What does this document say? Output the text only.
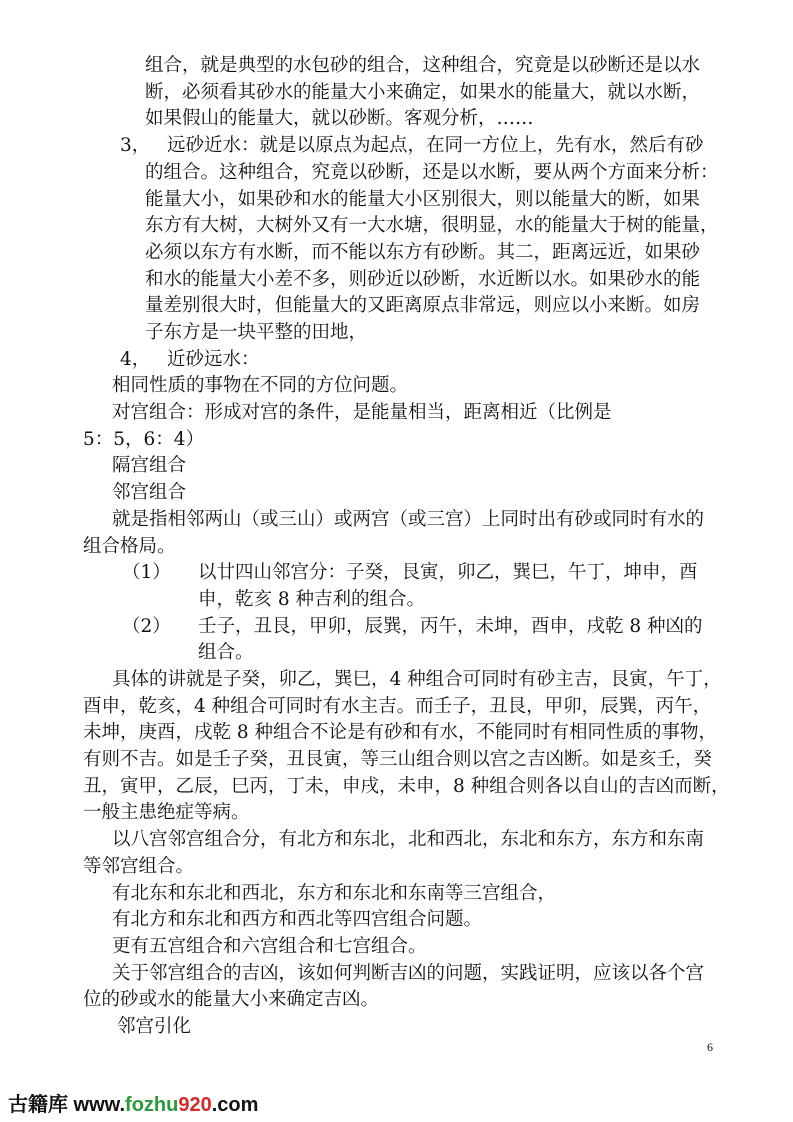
组合，就是典型的水包砂的组合，这种组合，究竟是以砂断还是以水
断，必须看其砂水的能量大小来确定，如果水的能量大，就以水断，
如果假山的能量大，就以砂断。客观分析，……
3， 远砂近水：就是以原点为起点，在同一方位上，先有水，然后有砂
的组合。这种组合，究竟以砂断，还是以水断，要从两个方面来分析：
能量大小，如果砂和水的能量大小区别很大，则以能量大的断，如果
东方有大树，大树外又有一大水塘，很明显，水的能量大于树的能量，
必须以东方有水断，而不能以东方有砂断。其二，距离远近，如果砂
和水的能量大小差不多，则砂近以砂断，水近断以水。如果砂水的能
量差别很大时，但能量大的又距离原点非常远，则应以小来断。如房
子东方是一块平整的田地，
4， 近砂远水：
相同性质的事物在不同的方位问题。
对宫组合：形成对宫的条件，是能量相当，距离相近（比例是
5：5，6：4）
隔宫组合
邻宫组合
就是指相邻两山（或三山）或两宫（或三宫）上同时出有砂或同时有水的
组合格局。
（1） 以廿四山邻宫分：子癸，艮寅，卯乙，巽巳，午丁，坤申，酉
申，乾亥 8 种吉利的组合。
（2） 壬子，丑艮，甲卯，辰巽，丙午，未坤，酉申，戌乾 8 种凶的
组合。
具体的讲就是子癸，卯乙，巽巳，4 种组合可同时有砂主吉，艮寅，午丁，
酉申，乾亥，4 种组合可同时有水主吉。而壬子，丑艮，甲卯，辰巽，丙午，
未坤，庚酉，戌乾 8 种组合不论是有砂和有水，不能同时有相同性质的事物，
有则不吉。如是壬子癸，丑艮寅，等三山组合则以宫之吉凶断。如是亥壬，癸
丑，寅甲，乙辰，巳丙，丁未，申戌，未申，8 种组合则各以自山的吉凶而断，
一般主患绝症等病。
以八宫邻宫组合分，有北方和东北，北和西北，东北和东方，东方和东南
等邻宫组合。
有北东和东北和西北，东方和东北和东南等三宫组合，
有北方和东北和西方和西北等四宫组合问题。
更有五宫组合和六宫组合和七宫组合。
关于邻宫组合的吉凶，该如何判断吉凶的问题，实践证明，应该以各个宫
位的砂或水的能量大小来确定吉凶。
邻宫引化
6
古籍库 www.fozhu920.com
